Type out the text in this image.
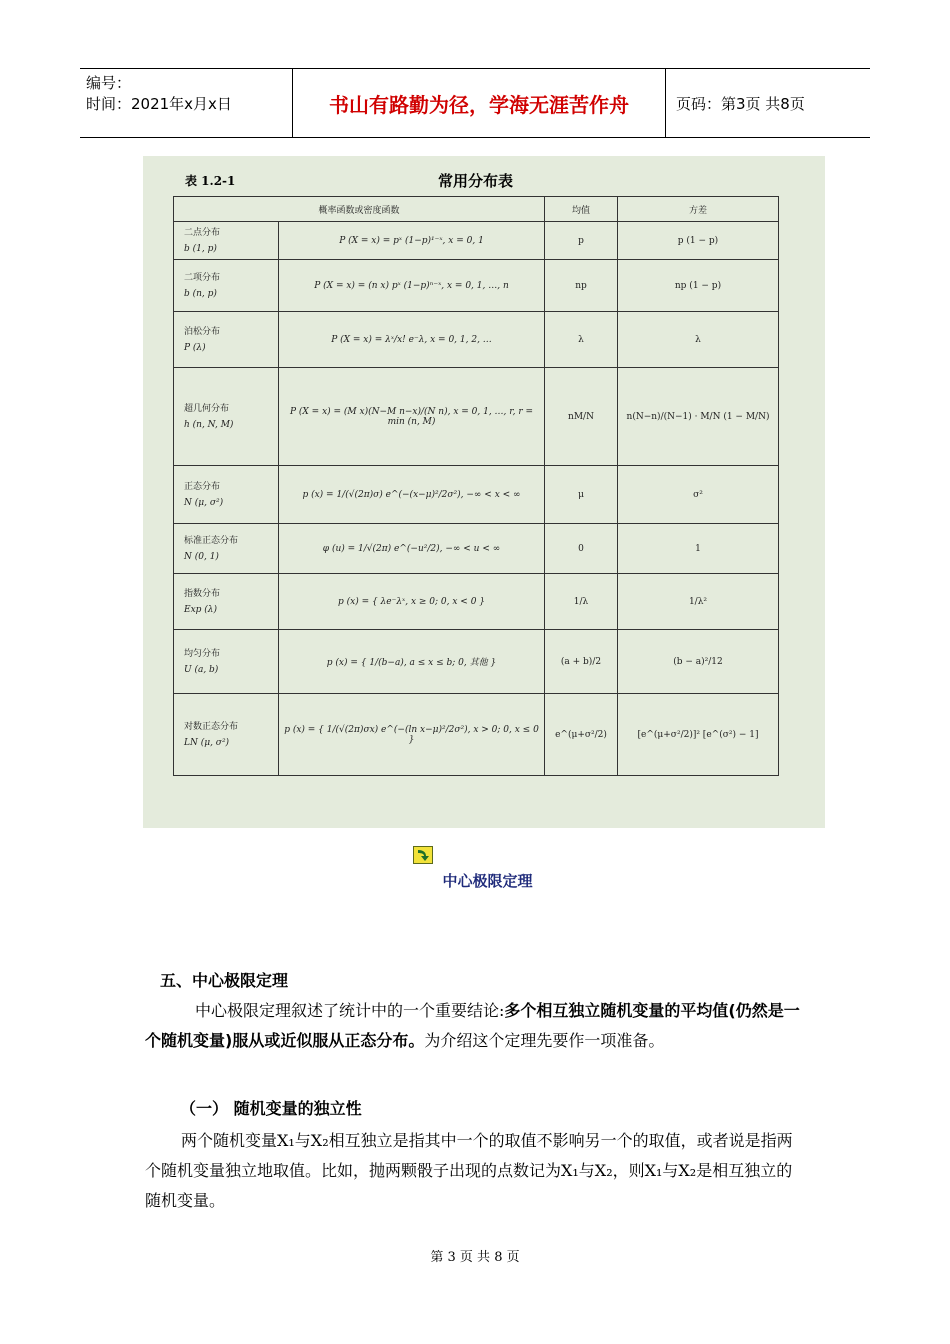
编号：
时间：2021年x月x日	书山有路勤为径，学海无涯苦作舟	页码：第3页 共8页
表 1.2-1	常用分布表
概率函数或密度函数		均值	方差

二点分布
b (1, p)	P (X = x) = pˣ (1−p)¹⁻ˣ, x = 0, 1	p	p (1 − p)

二项分布
b (n, p)	P (X = x) = (n x) pˣ (1−p)ⁿ⁻ˣ, x = 0, 1, …, n	np	np (1 − p)

泊松分布
P (λ)	P (X = x) = λˣ/x! e⁻λ, x = 0, 1, 2, …	λ	λ

超几何分布
h (n, N, M)	P (X = x) = (M x)(N−M n−x)/(N n), x = 0, 1, …, r, r = min (n, M)	nM/N	n(N−n)/(N−1) · M/N (1 − M/N)

正态分布
N (μ, σ²)	p (x) = 1/(√(2π)σ) e^(−(x−μ)²/2σ²), −∞ < x < ∞	μ	σ²

标准正态分布
N (0, 1)	φ (u) = 1/√(2π) e^(−u²/2), −∞ < u < ∞	0	1

指数分布
Exp (λ)	p (x) = { λe⁻λˣ, x ≥ 0; 0, x < 0 }	1/λ	1/λ²

均匀分布
U (a, b)	p (x) = { 1/(b−a), a ≤ x ≤ b; 0, 其他 }	(a + b)/2	(b − a)²/12

对数正态分布
LN (μ, σ²)	p (x) = { 1/(√(2π)σx) e^(−(ln x−μ)²/2σ²), x > 0; 0, x ≤ 0 }	e^(μ+σ²/2)	[e^(μ+σ²/2)]² [e^(σ²) − 1]
中心极限定理
五、中心极限定理
中心极限定理叙述了统计中的一个重要结论:多个相互独立随机变量的平均值(仍然是一个随机变量)服从或近似服从正态分布。为介绍这个定理先要作一项准备。
（一） 随机变量的独立性
两个随机变量X₁与X₂相互独立是指其中一个的取值不影响另一个的取值，或者说是指两个随机变量独立地取值。比如，抛两颗骰子出现的点数记为X₁与X₂，则X₁与X₂是相互独立的随机变量。
第 3 页 共 8 页
